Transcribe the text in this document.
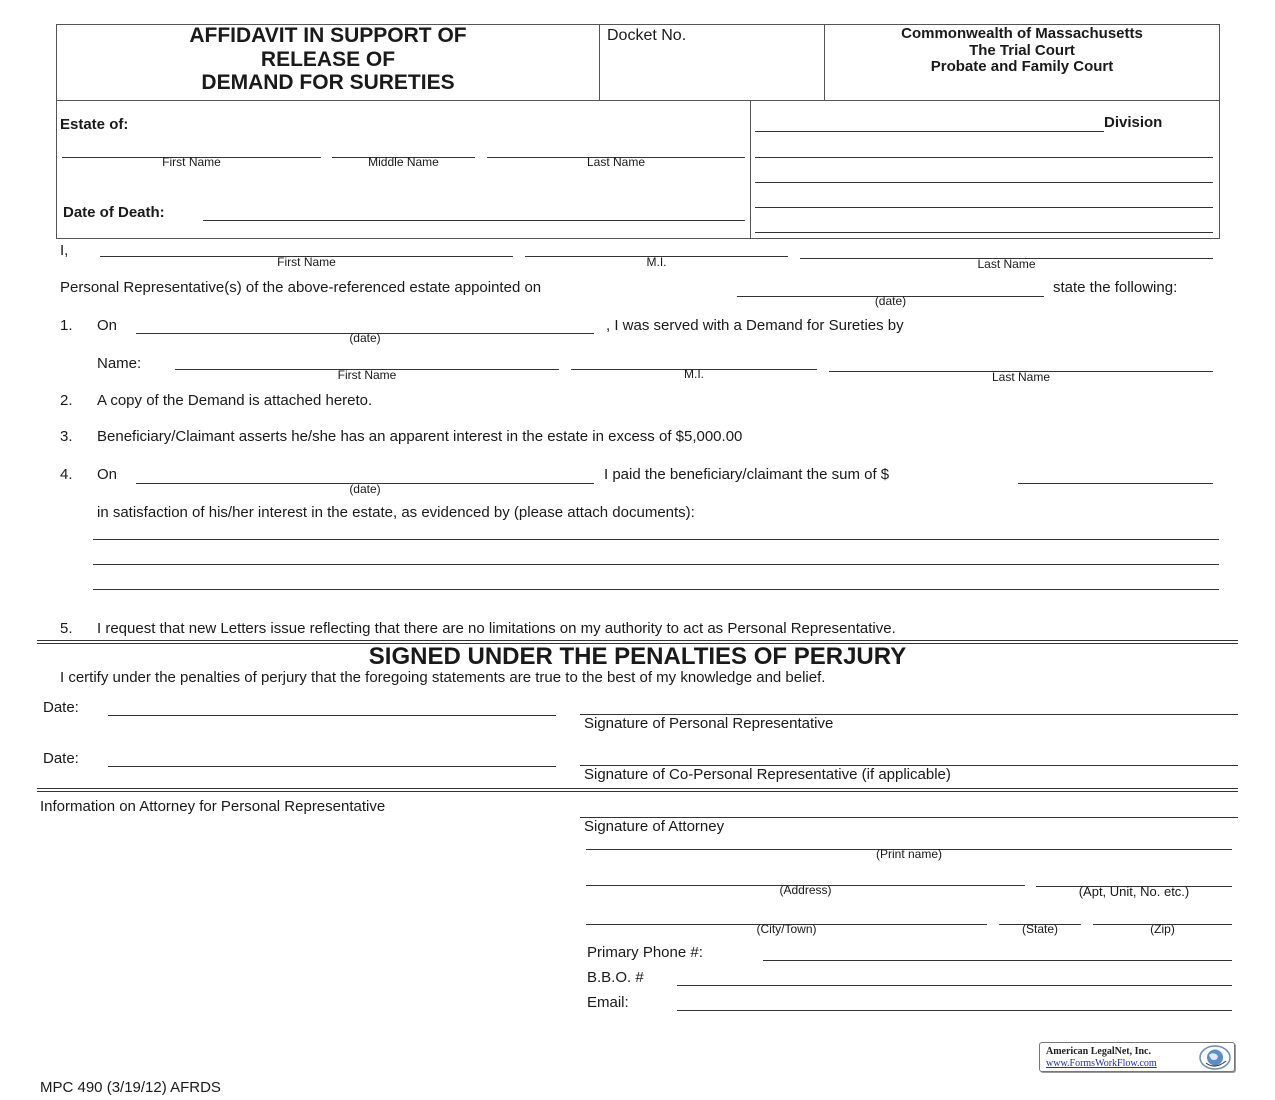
AFFIDAVIT IN SUPPORT OF
RELEASE OF
DEMAND FOR SURETIES
Docket No.	Commonwealth of Massachusetts
The Trial Court
Probate and Family Court
Estate of:
First Name	Middle Name	Last Name
Date of Death:
Division
I,
First Name	M.I.	Last Name
Personal Representative(s) of the above-referenced estate appointed on
(date)
state the following:
1. On
(date)
, I was served with a Demand for Sureties by
Name:
First Name	M.I.	Last Name
2. A copy of the Demand is attached hereto.
3. Beneficiary/Claimant asserts he/she has an apparent interest in the estate in excess of $5,000.00
4. On
(date)
I paid the beneficiary/claimant the sum of $
in satisfaction of his/her interest in the estate, as evidenced by (please attach documents):
5. I request that new Letters issue reflecting that there are no limitations on my authority to act as Personal Representative.
SIGNED UNDER THE PENALTIES OF PERJURY
I certify under the penalties of perjury that the foregoing statements are true to the best of my knowledge and belief.
Date:
Signature of Personal Representative
Date:
Signature of Co-Personal Representative (if applicable)
Information on Attorney for Personal Representative
Signature of Attorney
(Print name)
(Address)	(Apt, Unit, No. etc.)
(City/Town)	(State)	(Zip)
Primary Phone #:
B.B.O. #
Email:
MPC 490 (3/19/12) AFRDS
American LegalNet, Inc.
www.FormsWorkFlow.com
